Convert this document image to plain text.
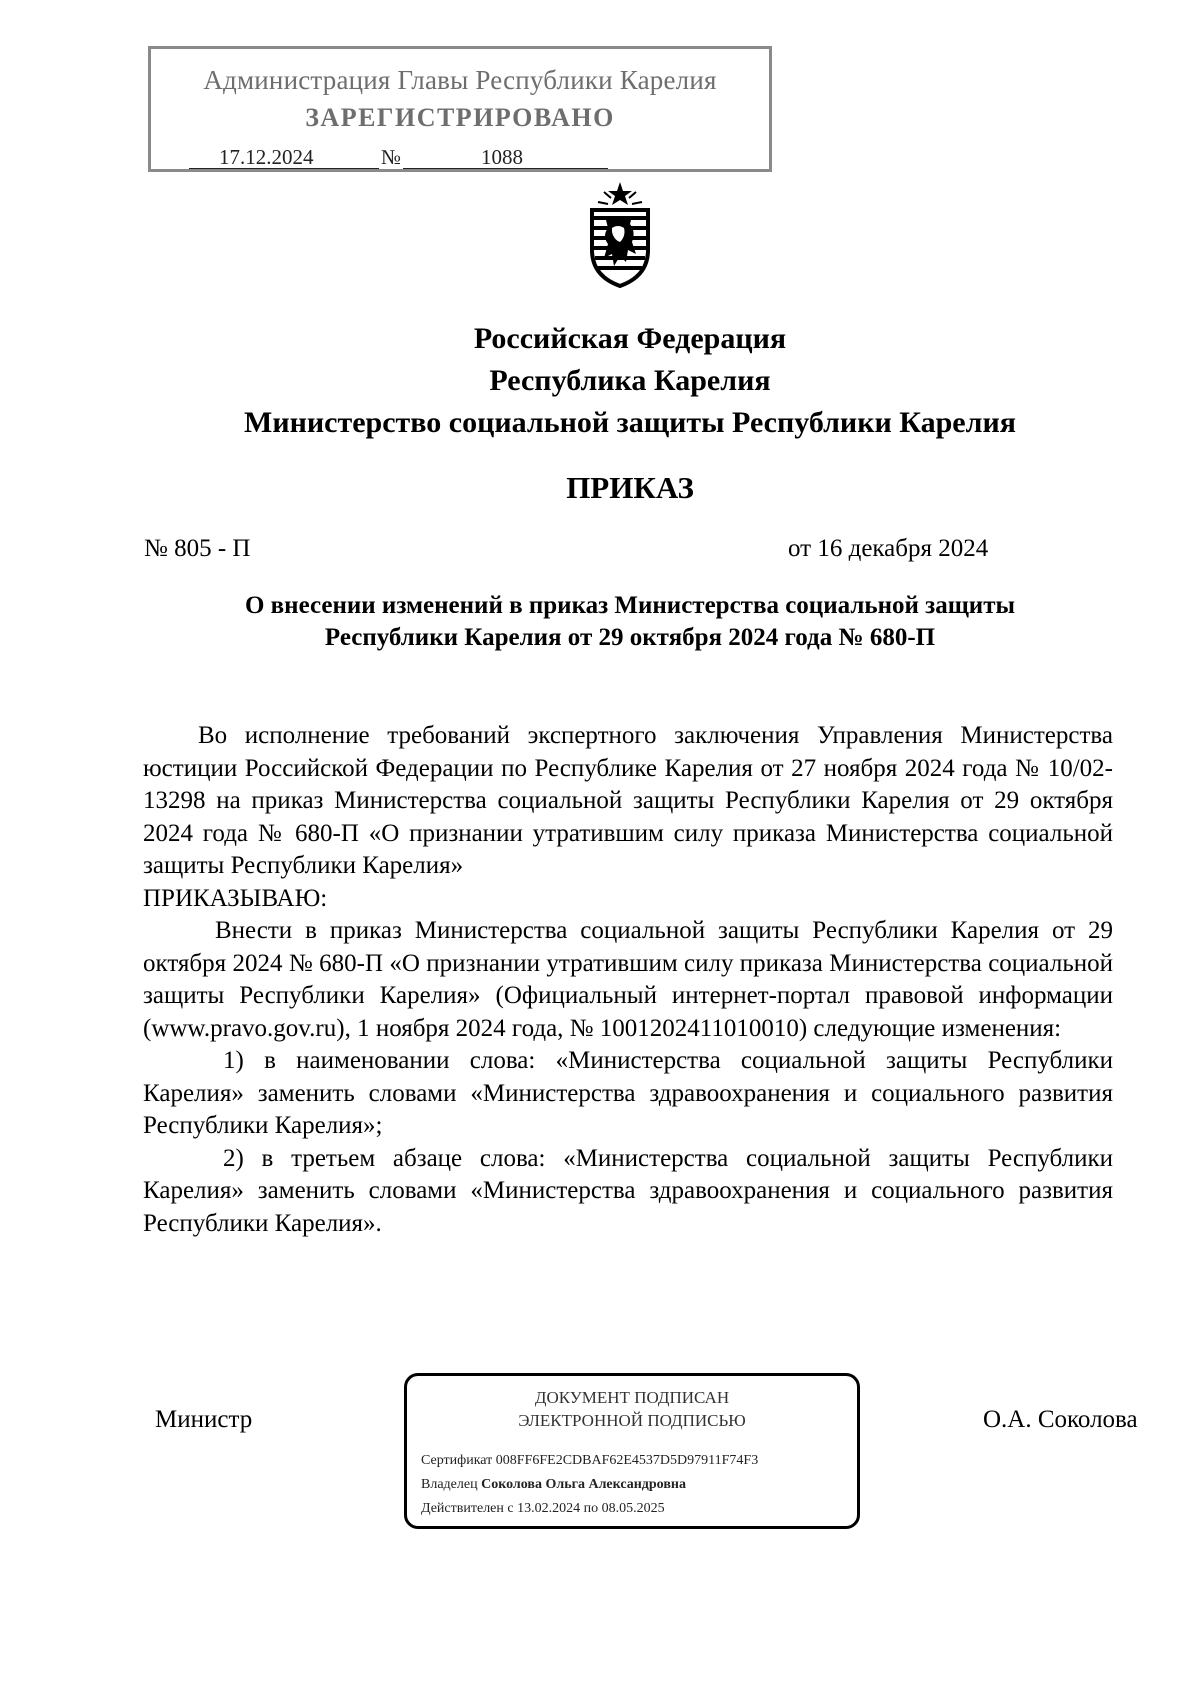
Администрация Главы Республики Карелия
ЗАРЕГИСТРИРОВАНО
17.12.2024	№	1088
Российская Федерация
Республика Карелия
Министерство социальной защиты Республики Карелия
ПРИКАЗ
№ 805 - П	от 16 декабря 2024
О внесении изменений в приказ Министерства социальной защиты
Республики Карелия от 29 октября 2024 года № 680-П

Во исполнение требований экспертного заключения Управления Министерства юстиции Российской Федерации по Республике Карелия от 27 ноября 2024 года № 10/02-13298 на приказ Министерства социальной защиты Республики Карелия от 29 октября 2024 года № 680-П «О признании утратившим силу приказа Министерства социальной защиты Республики Карелия»

ПРИКАЗЫВАЮ:

Внести в приказ Министерства социальной защиты Республики Карелия от 29 октября 2024 № 680-П «О признании утратившим силу приказа Министерства социальной защиты Республики Карелия» (Официальный интернет-портал правовой информации (www.pravo.gov.ru), 1 ноября 2024 года, № 1001202411010010) следующие изменения:

1) в наименовании слова: «Министерства социальной защиты Республики Карелия» заменить словами «Министерства здравоохранения и социального развития Республики Карелия»;

2) в третьем абзаце слова: «Министерства социальной защиты Республики Карелия» заменить словами «Министерства здравоохранения и социального развития Республики Карелия».

Министр	О.А. Соколова
ДОКУМЕНТ ПОДПИСАН
ЭЛЕКТРОННОЙ ПОДПИСЬЮ
Сертификат 008FF6FE2CDBAF62E4537D5D97911F74F3
Владелец Соколова Ольга Александровна
Действителен с 13.02.2024 по 08.05.2025
